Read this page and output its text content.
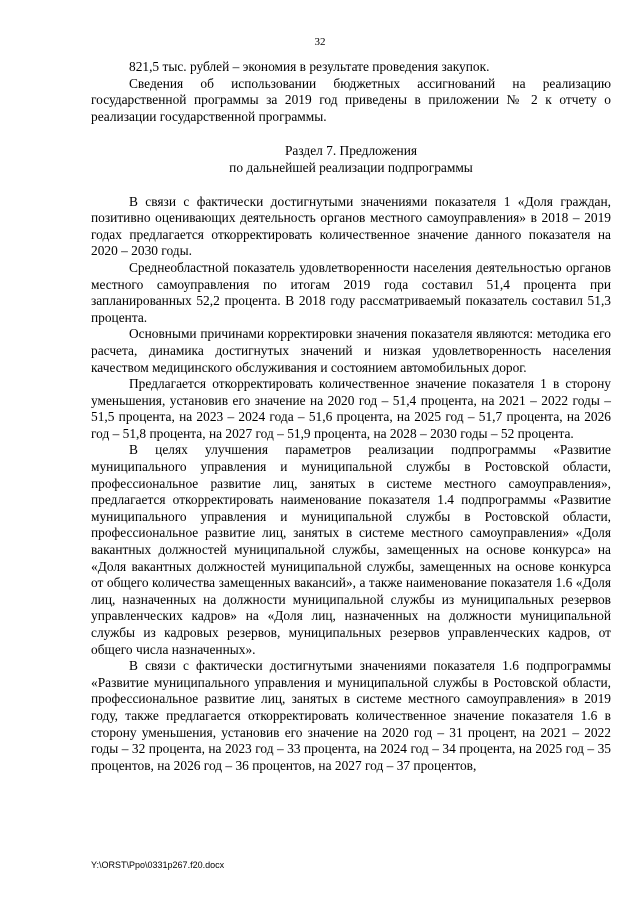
32

821,5 тыс. рублей – экономия в результате проведения закупок.

Сведения об использовании бюджетных ассигнований на реализацию государственной программы за 2019 год приведены в приложении № 2 к отчету о реализации государственной программы.

Раздел 7. Предложения
по дальнейшей реализации подпрограммы

В связи с фактически достигнутыми значениями показателя 1 «Доля граждан, позитивно оценивающих деятельность органов местного самоуправления» в 2018 – 2019 годах предлагается откорректировать количественное значение данного показателя на 2020 – 2030 годы.

Среднеобластной показатель удовлетворенности населения деятельностью органов местного самоуправления по итогам 2019 года составил 51,4 процента при запланированных 52,2 процента. В 2018 году рассматриваемый показатель составил 51,3 процента.

Основными причинами корректировки значения показателя являются: методика его расчета, динамика достигнутых значений и низкая удовлетворенность населения качеством медицинского обслуживания и состоянием автомобильных дорог.

Предлагается откорректировать количественное значение показателя 1 в сторону уменьшения, установив его значение на 2020 год – 51,4 процента, на 2021 – 2022 годы – 51,5 процента, на 2023 – 2024 года – 51,6 процента, на 2025 год – 51,7 процента, на 2026 год – 51,8 процента, на 2027 год – 51,9 процента, на 2028 – 2030 годы – 52 процента.

В целях улучшения параметров реализации подпрограммы «Развитие муниципального управления и муниципальной службы в Ростовской области, профессиональное развитие лиц, занятых в системе местного самоуправления», предлагается откорректировать наименование показателя 1.4 подпрограммы «Развитие муниципального управления и муниципальной службы в Ростовской области, профессиональное развитие лиц, занятых в системе местного самоуправления» «Доля вакантных должностей муниципальной службы, замещенных на основе конкурса» на «Доля вакантных должностей муниципальной службы, замещенных на основе конкурса от общего количества замещенных вакансий», а также наименование показателя 1.6 «Доля лиц, назначенных на должности муниципальной службы из муниципальных резервов управленческих кадров» на «Доля лиц, назначенных на должности муниципальной службы из кадровых резервов, муниципальных резервов управленческих кадров, от общего числа назначенных».

В связи с фактически достигнутыми значениями показателя 1.6 подпрограммы «Развитие муниципального управления и муниципальной службы в Ростовской области, профессиональное развитие лиц, занятых в системе местного самоуправления» в 2019 году, также предлагается откорректировать количественное значение показателя 1.6 в сторону уменьшения, установив его значение на 2020 год – 31 процент, на 2021 – 2022 годы – 32 процента, на 2023 год – 33 процента, на 2024 год – 34 процента, на 2025 год – 35 процентов, на 2026 год – 36 процентов, на 2027 год – 37 процентов,

Y:\ORST\Ppo\0331p267.f20.docx
